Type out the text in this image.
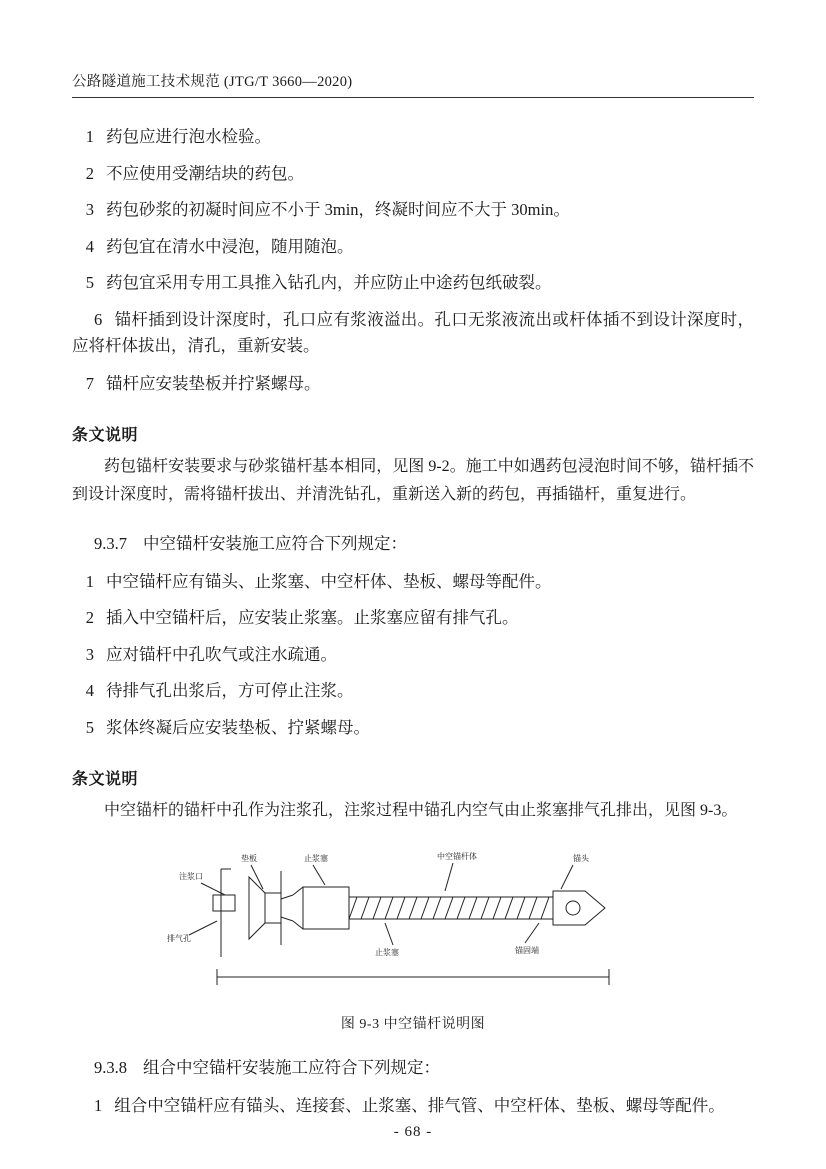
公路隧道施工技术规范 (JTG/T 3660—2020)
1 药包应进行泡水检验。
2 不应使用受潮结块的药包。
3 药包砂浆的初凝时间应不小于 3min，终凝时间应不大于 30min。
4 药包宜在清水中浸泡，随用随泡。
5 药包宜采用专用工具推入钻孔内，并应防止中途药包纸破裂。
6 锚杆插到设计深度时，孔口应有浆液溢出。孔口无浆液流出或杆体插不到设计深度时，应将杆体拔出，清孔，重新安装。
7 锚杆应安装垫板并拧紧螺母。
条文说明
药包锚杆安装要求与砂浆锚杆基本相同，见图 9-2。施工中如遇药包浸泡时间不够，锚杆插不到设计深度时，需将锚杆拔出、并清洗钻孔，重新送入新的药包，再插锚杆，重复进行。
9.3.7 中空锚杆安装施工应符合下列规定：
1 中空锚杆应有锚头、止浆塞、中空杆体、垫板、螺母等配件。
2 插入中空锚杆后，应安装止浆塞。止浆塞应留有排气孔。
3 应对锚杆中孔吹气或注水疏通。
4 待排气孔出浆后，方可停止注浆。
5 浆体终凝后应安装垫板、拧紧螺母。
条文说明
中空锚杆的锚杆中孔作为注浆孔，注浆过程中锚孔内空气由止浆塞排气孔排出，见图 9-3。
垫板	止浆塞	中空锚杆体	锚头
注浆口
排气孔
止浆塞	锚固端
图 9-3 中空锚杆说明图
9.3.8 组合中空锚杆安装施工应符合下列规定：
1 组合中空锚杆应有锚头、连接套、止浆塞、排气管、中空杆体、垫板、螺母等配件。
- 68 -
